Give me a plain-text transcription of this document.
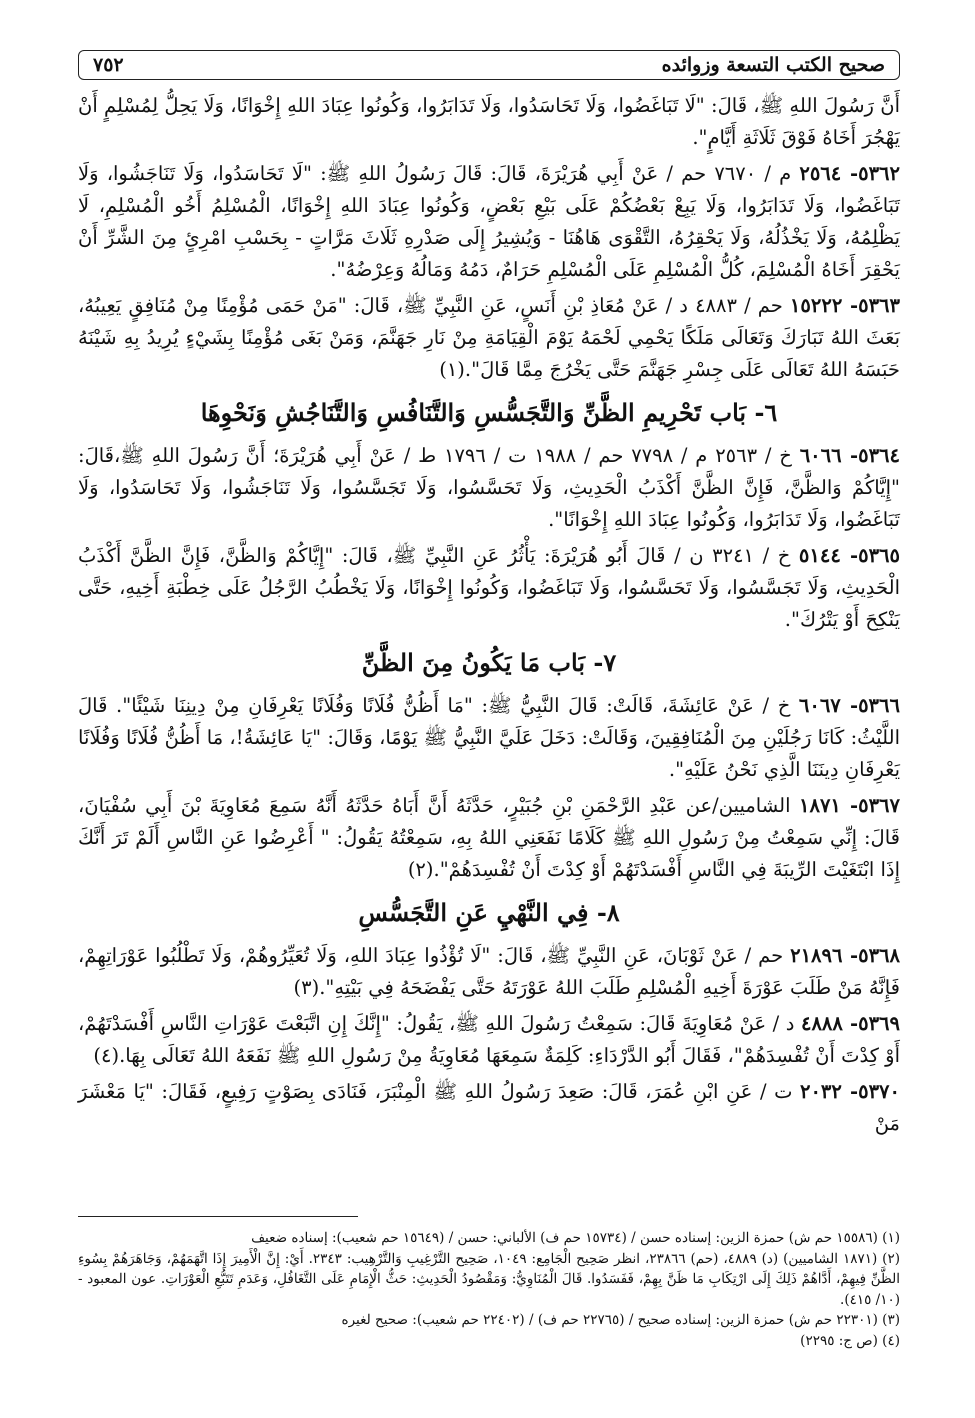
صحيح الكتب التسعة وزوائده
٧٥٢

أَنَّ رَسُولَ اللهِ ﷺ، قَالَ: "لَا تَبَاغَضُوا، وَلَا تَحَاسَدُوا، وَلَا تَدَابَرُوا، وَكُونُوا عِبَادَ اللهِ إِخْوَانًا، وَلَا يَحِلُّ لِمُسْلِمٍ أَنْ يَهْجُرَ أَخَاهُ فَوْقَ ثَلَاثَةِ أَيَّامٍ".

٥٣٦٢- ٢٥٦٤ م / ٧٦٧٠ حم / عَنْ أَبِي هُرَيْرَةَ، قَالَ: قَالَ رَسُولُ اللهِ ﷺ: "لَا تَحَاسَدُوا، وَلَا تَنَاجَشُوا، وَلَا تَبَاغَضُوا، وَلَا تَدَابَرُوا، وَلَا يَبِعْ بَعْضُكُمْ عَلَى بَيْعِ بَعْضٍ، وَكُونُوا عِبَادَ اللهِ إِخْوَانًا، الْمُسْلِمُ أَخُو الْمُسْلِمِ، لَا يَظْلِمُهُ، وَلَا يَخْذُلُهُ، وَلَا يَحْقِرُهُ، التَّقْوَى هَاهُنَا - وَيُشِيرُ إِلَى صَدْرِهِ ثَلَاثَ مَرَّاتٍ - بِحَسْبِ امْرِئٍ مِنَ الشَّرِّ أَنْ يَحْقِرَ أَخَاهُ الْمُسْلِمَ، كُلُّ الْمُسْلِمِ عَلَى الْمُسْلِمِ حَرَامٌ، دَمُهُ وَمَالُهُ وَعِرْضُهُ".

٥٣٦٣- ١٥٢٢٢ حم / ٤٨٨٣ د / عَنْ مُعَاذِ بْنِ أَنَسٍ، عَنِ النَّبِيِّ ﷺ، قَالَ: "مَنْ حَمَى مُؤْمِنًا مِنْ مُنَافِقٍ يَعِيبُهُ، بَعَثَ اللهُ تَبَارَكَ وَتَعَالَى مَلَكًا يَحْمِي لَحْمَهُ يَوْمَ الْقِيَامَةِ مِنْ نَارِ جَهَنَّمَ، وَمَنْ بَغَى مُؤْمِنًا بِشَيْءٍ يُرِيدُ بِهِ شَيْنَهُ حَبَسَهُ اللهُ تَعَالَى عَلَى جِسْرِ جَهَنَّمَ حَتَّى يَخْرُجَ مِمَّا قَالَ".(١)

٦- بَاب تَحْرِيمِ الظَّنِّ وَالتَّجَسُّسِ وَالتَّنَافُسِ وَالتَّنَاجُشِ وَنَحْوِهَا

٥٣٦٤- ٦٠٦٦ خ / ٢٥٦٣ م / ٧٧٩٨ حم / ١٩٨٨ ت / ١٧٩٦ ط / عَنْ أَبِي هُرَيْرَةَ؛ أَنَّ رَسُولَ اللهِ ﷺ،قَالَ: "إِيَّاكُمْ وَالظَّنَّ، فَإِنَّ الظَّنَّ أَكْذَبُ الْحَدِيثِ، وَلَا تَحَسَّسُوا، وَلَا تَجَسَّسُوا، وَلَا تَنَاجَشُوا، وَلَا تَحَاسَدُوا، وَلَا تَبَاغَضُوا، وَلَا تَدَابَرُوا، وَكُونُوا عِبَادَ اللهِ إِخْوَانًا".

٥٣٦٥- ٥١٤٤ خ / ٣٢٤١ ن / قَالَ أَبُو هُرَيْرَةَ: يَأْثُرُ عَنِ النَّبِيِّ ﷺ، قَالَ: "إِيَّاكُمْ وَالظَّنَّ، فَإِنَّ الظَّنَّ أَكْذَبُ الْحَدِيثِ، وَلَا تَجَسَّسُوا، وَلَا تَحَسَّسُوا، وَلَا تَبَاغَضُوا، وَكُونُوا إِخْوَانًا، وَلَا يَخْطُبُ الرَّجُلُ عَلَى خِطْبَةِ أَخِيهِ، حَتَّى يَنْكِحَ أَوْ يَتْرُكَ".

٧- بَاب مَا يَكُونُ مِنَ الظَّنِّ

٥٣٦٦- ٦٠٦٧ خ / عَنْ عَائِشَةَ، قَالَتْ: قَالَ النَّبِيُّ ﷺ: "مَا أَظُنُّ فُلَانًا وَفُلَانًا يَعْرِفَانِ مِنْ دِينِنَا شَيْئًا". قَالَ اللَّيْثُ: كَانَا رَجُلَيْنِ مِنَ الْمُنَافِقِينَ، وَقَالَتْ: دَخَلَ عَلَيَّ النَّبِيُّ ﷺ يَوْمًا، وَقَالَ: "يَا عَائِشَةُ!، مَا أَظُنُّ فُلَانًا وَفُلَانًا يَعْرِفَانِ دِينَنَا الَّذِي نَحْنُ عَلَيْهِ".

٥٣٦٧- ١٨٧١ الشاميين/عن عَبْدِ الرَّحْمَنِ بْنِ جُبَيْرٍ، حَدَّثَهُ أَنَّ أَبَاهُ حَدَّثَهُ أَنَّهُ سَمِعَ مُعَاوِيَةَ بْنَ أَبِي سُفْيَانَ، قَالَ: إِنِّي سَمِعْتُ مِنْ رَسُولِ اللهِ ﷺ كَلَامًا نَفَعَنِي اللهُ بِهِ، سَمِعْتُهُ يَقُولُ: " أَعْرِضُوا عَنِ النَّاسِ أَلَمْ تَرَ أَنَّكَ إِذَا ابْتَغَيْتَ الرِّيبَةَ فِي النَّاسِ أَفْسَدْتَهُمْ أَوْ كِدْتَ أَنْ تُفْسِدَهُمْ".(٢)

٨- فِي النَّهْيِ عَنِ التَّجَسُّسِ

٥٣٦٨- ٢١٨٩٦ حم / عَنْ ثَوْبَانَ، عَنِ النَّبِيِّ ﷺ، قَالَ: "لَا تُؤْذُوا عِبَادَ اللهِ، وَلَا تُعَيِّرُوهُمْ، وَلَا تَطْلُبُوا عَوْرَاتِهِمْ، فَإِنَّهُ مَنْ طَلَبَ عَوْرَةَ أَخِيهِ الْمُسْلِمِ طَلَبَ اللهُ عَوْرَتَهُ حَتَّى يَفْضَحَهُ فِي بَيْتِهِ".(٣)

٥٣٦٩- ٤٨٨٨ د / عَنْ مُعَاوِيَةَ قَالَ: سَمِعْتُ رَسُولَ اللهِ ﷺ، يَقُولُ: "إِنَّكَ إِنِ اتَّبَعْتَ عَوْرَاتِ النَّاسِ أَفْسَدْتَهُمْ، أَوْ كِدْتَ أَنْ تُفْسِدَهُمْ"، فَقَالَ أَبُو الدَّرْدَاءِ: كَلِمَةٌ سَمِعَهَا مُعَاوِيَةُ مِنْ رَسُولِ اللهِ ﷺ نَفَعَهُ اللهُ تَعَالَى بِهَا.(٤)

٥٣٧٠- ٢٠٣٢ ت / عَنِ ابْنِ عُمَرَ، قَالَ: صَعِدَ رَسُولُ اللهِ ﷺ الْمِنْبَرَ، فَنَادَى بِصَوْتٍ رَفِيعٍ، فَقَالَ: "يَا مَعْشَرَ مَنْ

(١) (١٥٥٨٦ حم ش) حمزة الزين: إسناده حسن / (١٥٧٣٤ حم ف) الألباني: حسن / (١٥٦٤٩ حم شعيب): إسناده ضعيف

(٢) (١٨٧١ الشاميين) (د) ٤٨٨٩، (حم) ٢٣٨٦٦، انظر صَحِيح الْجَامِع: ١٠٤٩، صَحِيح التَّرْغِيبِ وَالتَّرْهِيب: ٢٣٤٣. أَيْ: إِنَّ الْأَمِيرَ إِذَا اتَّهَمَهُمْ، وَجَاهَرَهُمْ بِسُوءِ الظَّنِّ فِيهِمْ، أَدَّاهُمْ ذَلِكَ إِلَى ارْتِكَابِ مَا ظَنَّ بِهِمْ، فَفَسَدُوا. قَالَ الْمُنَاوِيُّ: وَمَقْصُودُ الْحَدِيثِ: حَثُّ الْإِمَامِ عَلَى التَّغَافُلِ، وَعَدَمِ تَتَبُّعِ الْعَوْرَاتِ. عون المعبود - (١٠/ ٤١٥).

(٣) (٢٢٣٠١ حم ش) حمزة الزين: إسناده صحيح / (٢٢٧٦٥ حم ف) / (٢٢٤٠٢ حم شعيب): صحيح لغيره

(٤) (ص ج: ٢٢٩٥)
